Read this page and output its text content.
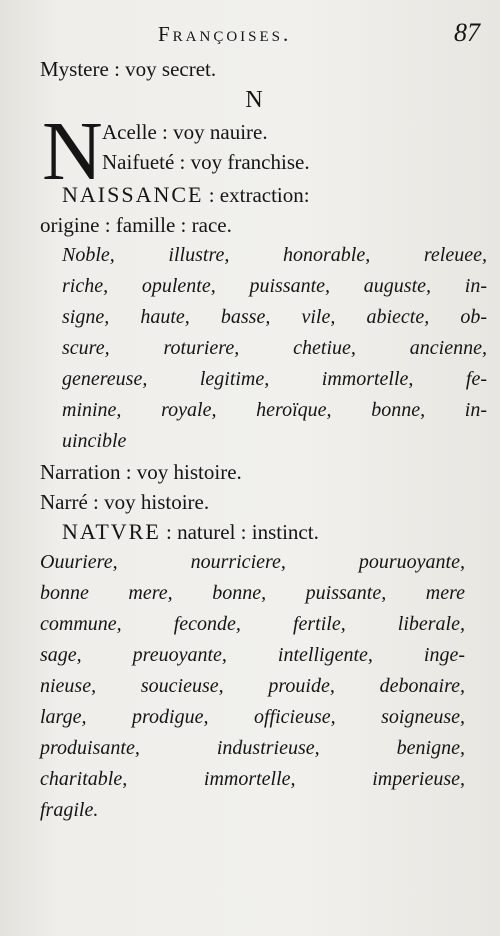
Françoises.	87
Mystere : voy secret.
N
N Acelle : voy nauire.
Naifueté : voy franchise.
NAISSANCE : extraction:
origine : famille : race.
Noble, illustre, honorable, releuee,
riche, opulente, puissante, auguste, in-
signe, haute, basse, vile, abiecte, ob-
scure, roturiere, chetiue, ancienne,
genereuse, legitime, immortelle, fe-
minine, royale, heroïque, bonne, in-
uincible
Narration : voy histoire.
Narré : voy histoire.
NATVRE : naturel : instinct.
Ouuriere, nourriciere, pouruoyante,
bonne mere, bonne, puissante, mere
commune, feconde, fertile, liberale,
sage, preuoyante, intelligente, inge-
nieuse, soucieuse, prouide, debonaire,
large, prodigue, officieuse, soigneuse,
produisante, industrieuse, benigne,
charitable, immortelle, imperieuse,
fragile.
